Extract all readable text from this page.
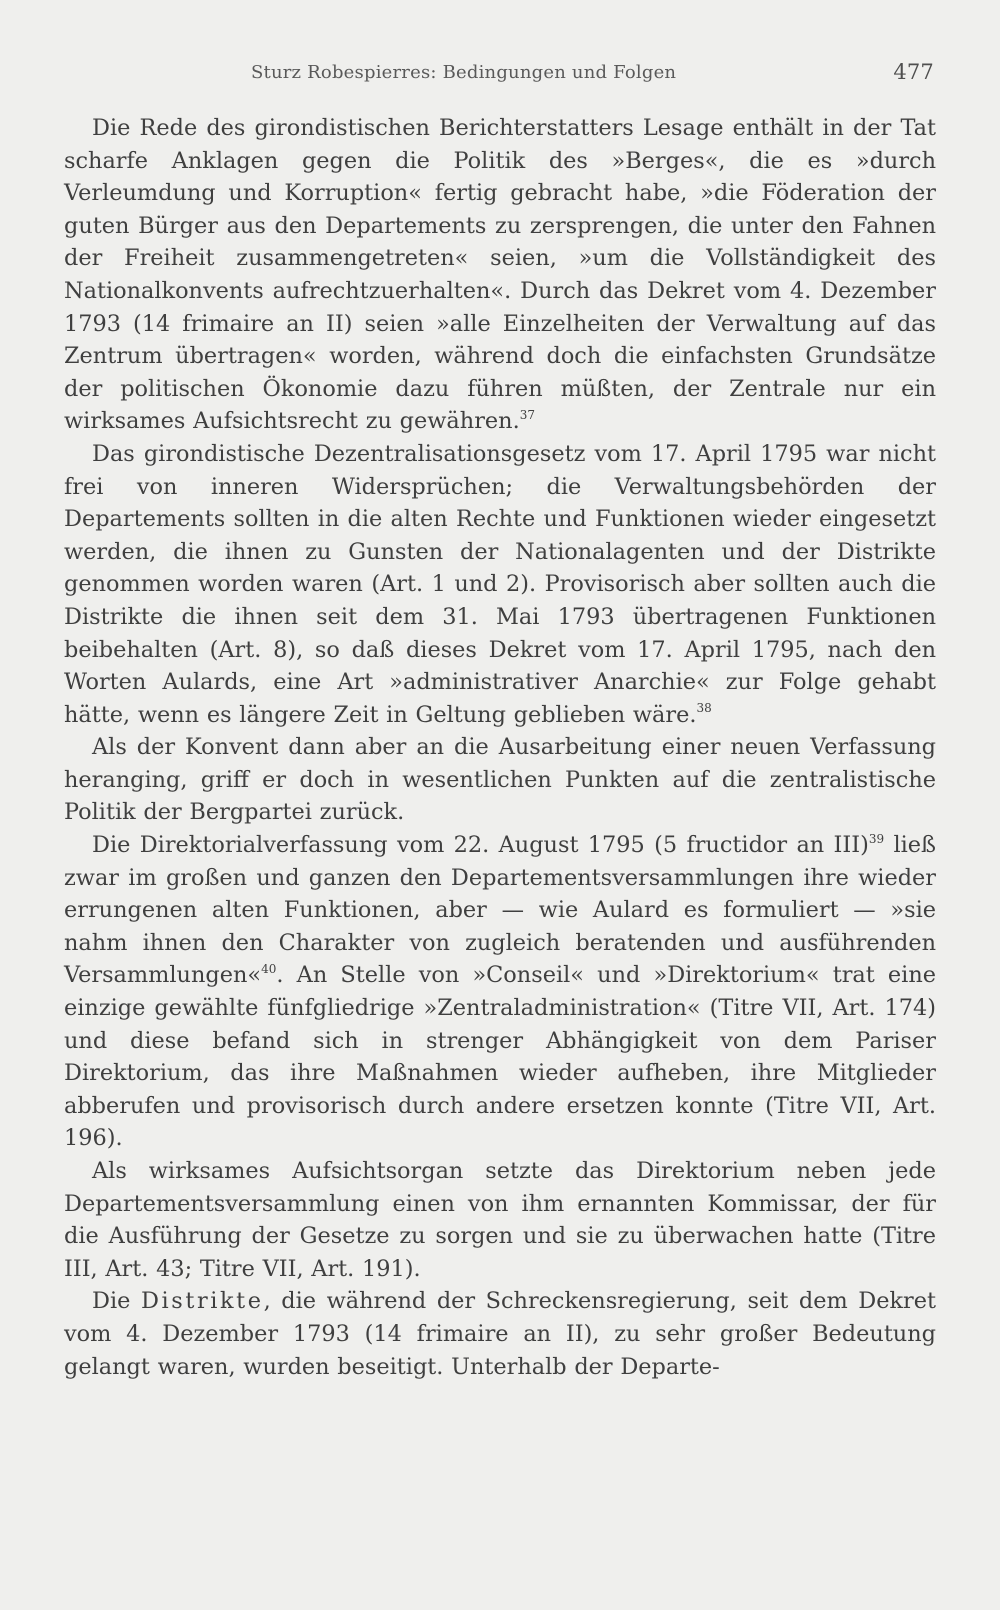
Sturz Robespierres: Bedingungen und Folgen	477

Die Rede des girondistischen Berichterstatters Lesage enthält in der Tat scharfe Anklagen gegen die Politik des »Berges«, die es »durch Verleumdung und Korruption« fertig gebracht habe, »die Föderation der guten Bürger aus den Departements zu zersprengen, die unter den Fahnen der Freiheit zusammengetreten« seien, »um die Vollständigkeit des Nationalkonvents aufrechtzuerhalten«. Durch das Dekret vom 4. Dezember 1793 (14 frimaire an II) seien »alle Einzelheiten der Verwaltung auf das Zentrum übertragen« worden, während doch die einfachsten Grundsätze der politischen Ökonomie dazu führen müßten, der Zentrale nur ein wirksames Aufsichtsrecht zu gewähren.$^{37}$

Das girondistische Dezentralisationsgesetz vom 17. April 1795 war nicht frei von inneren Widersprüchen; die Verwaltungsbehörden der Departements sollten in die alten Rechte und Funktionen wieder eingesetzt werden, die ihnen zu Gunsten der Nationalagenten und der Distrikte genommen worden waren (Art. 1 und 2). Provisorisch aber sollten auch die Distrikte die ihnen seit dem 31. Mai 1793 übertragenen Funktionen beibehalten (Art. 8), so daß dieses Dekret vom 17. April 1795, nach den Worten Aulards, eine Art »administrativer Anarchie« zur Folge gehabt hätte, wenn es längere Zeit in Geltung geblieben wäre.$^{38}$

Als der Konvent dann aber an die Ausarbeitung einer neuen Verfassung heranging, griff er doch in wesentlichen Punkten auf die zentralistische Politik der Bergpartei zurück.

Die Direktorialverfassung vom 22. August 1795 (5 fructidor an III)$^{39}$ ließ zwar im großen und ganzen den Departementsversammlungen ihre wieder errungenen alten Funktionen, aber — wie Aulard es formuliert — »sie nahm ihnen den Charakter von zugleich beratenden und ausführenden Versammlungen«$^{40}$. An Stelle von »Conseil« und »Direktorium« trat eine einzige gewählte fünfgliedrige »Zentraladministration« (Titre VII, Art. 174) und diese befand sich in strenger Abhängigkeit von dem Pariser Direktorium, das ihre Maßnahmen wieder aufheben, ihre Mitglieder abberufen und provisorisch durch andere ersetzen konnte (Titre VII, Art. 196).

Als wirksames Aufsichtsorgan setzte das Direktorium neben jede Departementsversammlung einen von ihm ernannten Kommissar, der für die Ausführung der Gesetze zu sorgen und sie zu überwachen hatte (Titre III, Art. 43; Titre VII, Art. 191).

Die Distrikte, die während der Schreckensregierung, seit dem Dekret vom 4. Dezember 1793 (14 frimaire an II), zu sehr großer Bedeutung gelangt waren, wurden beseitigt. Unterhalb der Departe-
